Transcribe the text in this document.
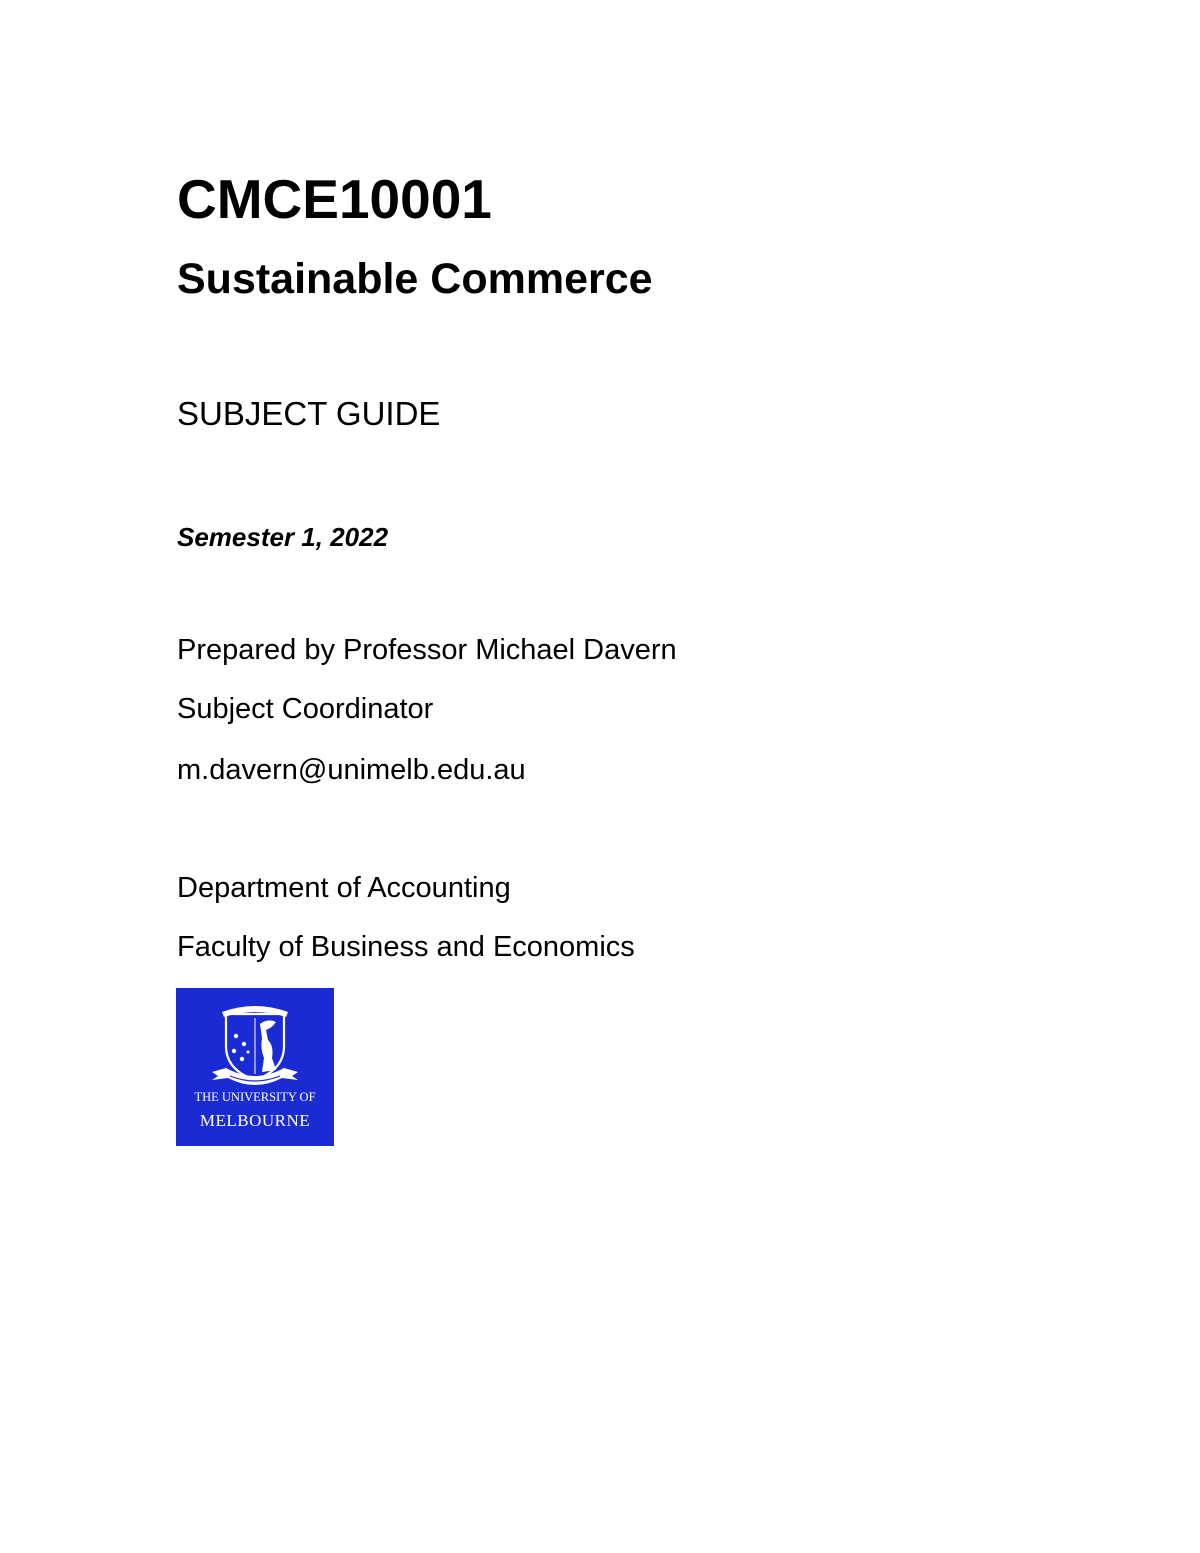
CMCE10001
Sustainable Commerce
SUBJECT GUIDE
Semester 1, 2022
Prepared by Professor Michael Davern
Subject Coordinator
m.davern@unimelb.edu.au
Department of Accounting
Faculty of Business and Economics
THE UNIVERSITY OF
MELBOURNE
